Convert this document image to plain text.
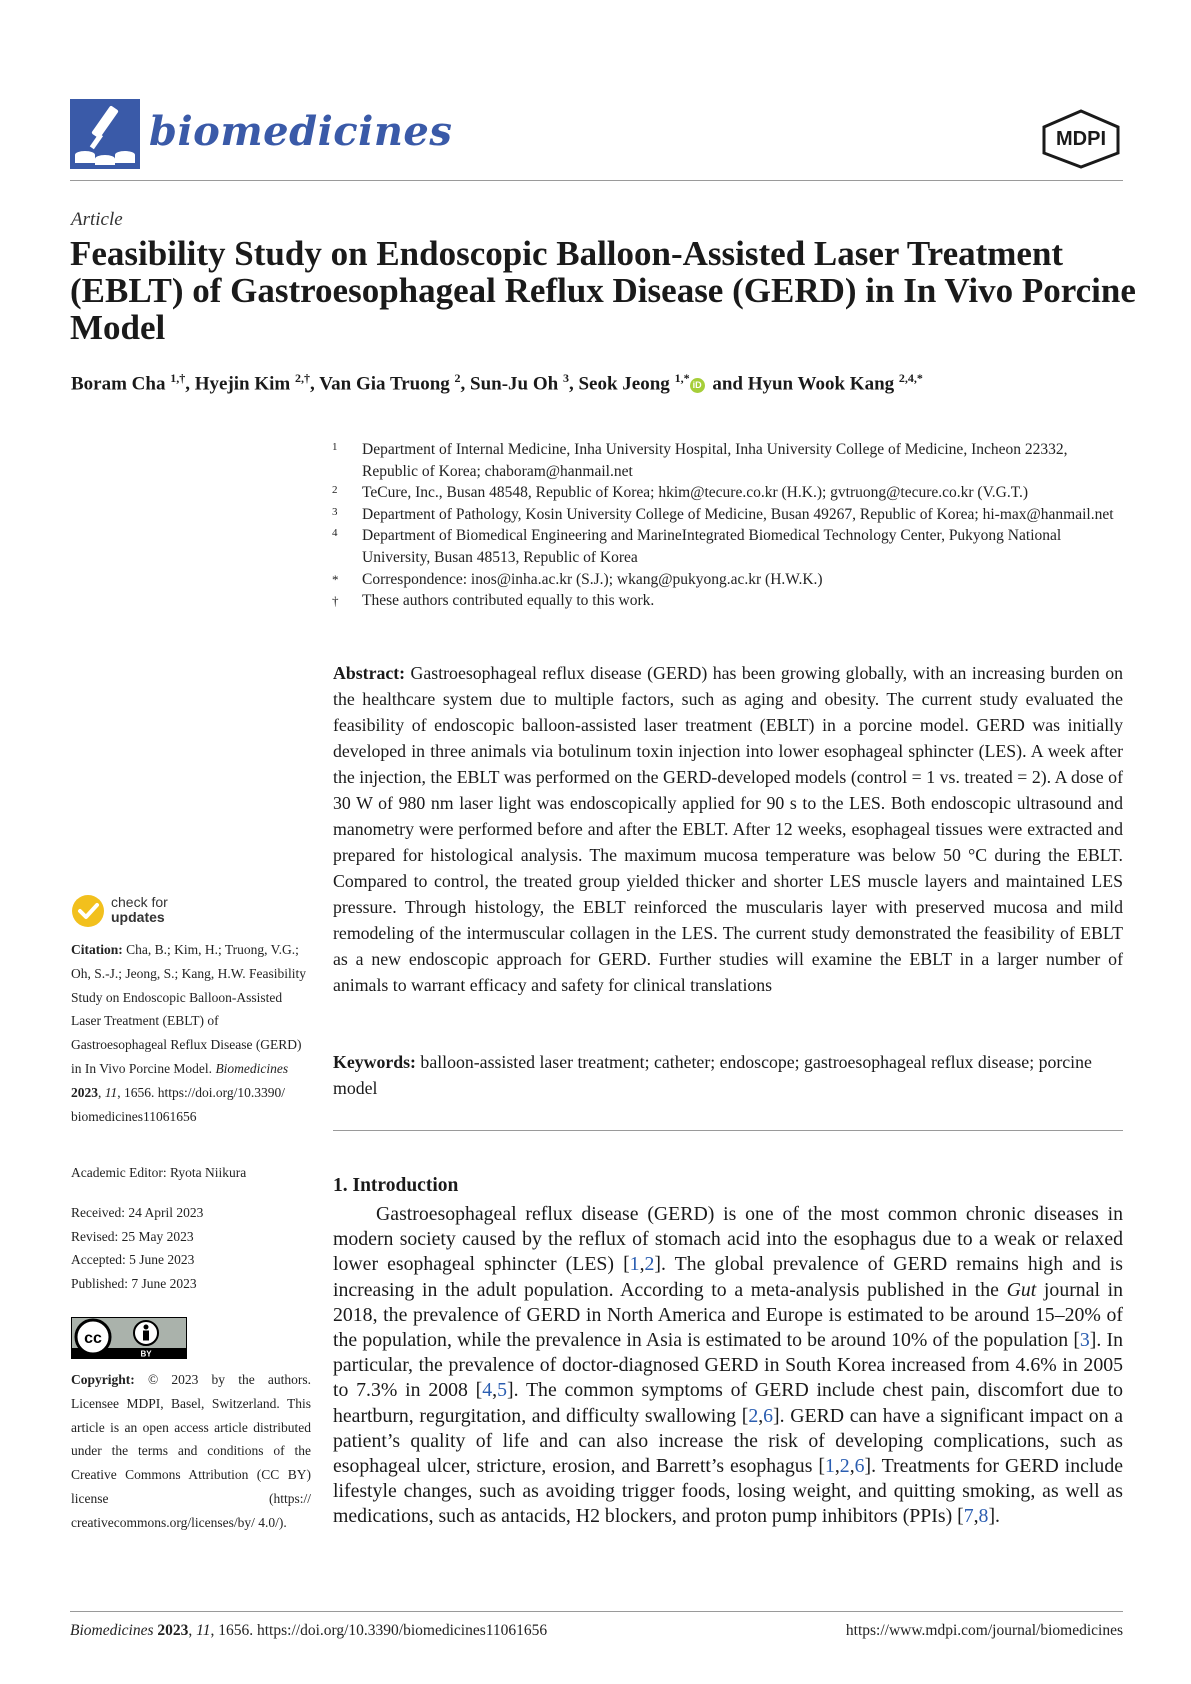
biomedicines	MDPI
Article
Feasibility Study on Endoscopic Balloon-Assisted Laser Treatment (EBLT) of Gastroesophageal Reflux Disease (GERD) in In Vivo Porcine Model
Boram Cha $^{1,\dagger}$, Hyejin Kim $^{2,\dagger}$, Van Gia Truong $^2$, Sun-Ju Oh $^3$, Seok Jeong $^{1,*}$iD and Hyun Wook Kang $^{2,4,*}$
1 Department of Internal Medicine, Inha University Hospital, Inha University College of Medicine, Incheon 22332, Republic of Korea; chaboram@hanmail.net
2 TeCure, Inc., Busan 48548, Republic of Korea; hkim@tecure.co.kr (H.K.); gvtruong@tecure.co.kr (V.G.T.)
3 Department of Pathology, Kosin University College of Medicine, Busan 49267, Republic of Korea; hi-max@hanmail.net
4 Department of Biomedical Engineering and MarineIntegrated Biomedical Technology Center, Pukyong National University, Busan 48513, Republic of Korea
* Correspondence: inos@inha.ac.kr (S.J.); wkang@pukyong.ac.kr (H.W.K.)
† These authors contributed equally to this work.
Abstract: Gastroesophageal reflux disease (GERD) has been growing globally, with an increasing burden on the healthcare system due to multiple factors, such as aging and obesity. The current study evaluated the feasibility of endoscopic balloon-assisted laser treatment (EBLT) in a porcine model. GERD was initially developed in three animals via botulinum toxin injection into lower esophageal sphincter (LES). A week after the injection, the EBLT was performed on the GERD-developed models (control = 1 vs. treated = 2). A dose of 30 W of 980 nm laser light was endoscopically applied for 90 s to the LES. Both endoscopic ultrasound and manometry were performed before and after the EBLT. After 12 weeks, esophageal tissues were extracted and prepared for histological analysis. The maximum mucosa temperature was below 50 °C during the EBLT. Compared to control, the treated group yielded thicker and shorter LES muscle layers and maintained LES pressure. Through histology, the EBLT reinforced the muscularis layer with preserved mucosa and mild remodeling of the intermuscular collagen in the LES. The current study demonstrated the feasibility of EBLT as a new endoscopic approach for GERD. Further studies will examine the EBLT in a larger number of animals to warrant efficacy and safety for clinical translations
Keywords: balloon-assisted laser treatment; catheter; endoscope; gastroesophageal reflux disease; porcine model
1. Introduction

Gastroesophageal reflux disease (GERD) is one of the most common chronic diseases in modern society caused by the reflux of stomach acid into the esophagus due to a weak or relaxed lower esophageal sphincter (LES) [1,2]. The global prevalence of GERD remains high and is increasing in the adult population. According to a meta-analysis published in the Gut journal in 2018, the prevalence of GERD in North America and Europe is estimated to be around 15–20% of the population, while the prevalence in Asia is estimated to be around 10% of the population [3]. In particular, the prevalence of doctor-diagnosed GERD in South Korea increased from 4.6% in 2005 to 7.3% in 2008 [4,5]. The common symptoms of GERD include chest pain, discomfort due to heartburn, regurgitation, and difficulty swallowing [2,6]. GERD can have a significant impact on a patient’s quality of life and can also increase the risk of developing complications, such as esophageal ulcer, stricture, erosion, and Barrett’s esophagus [1,2,6]. Treatments for GERD include lifestyle changes, such as avoiding trigger foods, losing weight, and quitting smoking, as well as medications, such as antacids, H2 blockers, and proton pump inhibitors (PPIs) [7,8].

check for
updates
Citation: Cha, B.; Kim, H.; Truong, V.G.; Oh, S.-J.; Jeong, S.; Kang, H.W. Feasibility Study on Endoscopic Balloon-Assisted Laser Treatment (EBLT) of Gastroesophageal Reflux Disease (GERD) in In Vivo Porcine Model. Biomedicines 2023, 11, 1656. https://doi.org/10.3390/ biomedicines11061656
Academic Editor: Ryota Niikura
Received: 24 April 2023
Revised: 25 May 2023
Accepted: 5 June 2023
Published: 7 June 2023
cc
BY
Copyright: © 2023 by the authors. Licensee MDPI, Basel, Switzerland. This article is an open access article distributed under the terms and conditions of the Creative Commons Attribution (CC BY) license (https:// creativecommons.org/licenses/by/ 4.0/).
Biomedicines 2023, 11, 1656. https://doi.org/10.3390/biomedicines11061656	https://www.mdpi.com/journal/biomedicines
